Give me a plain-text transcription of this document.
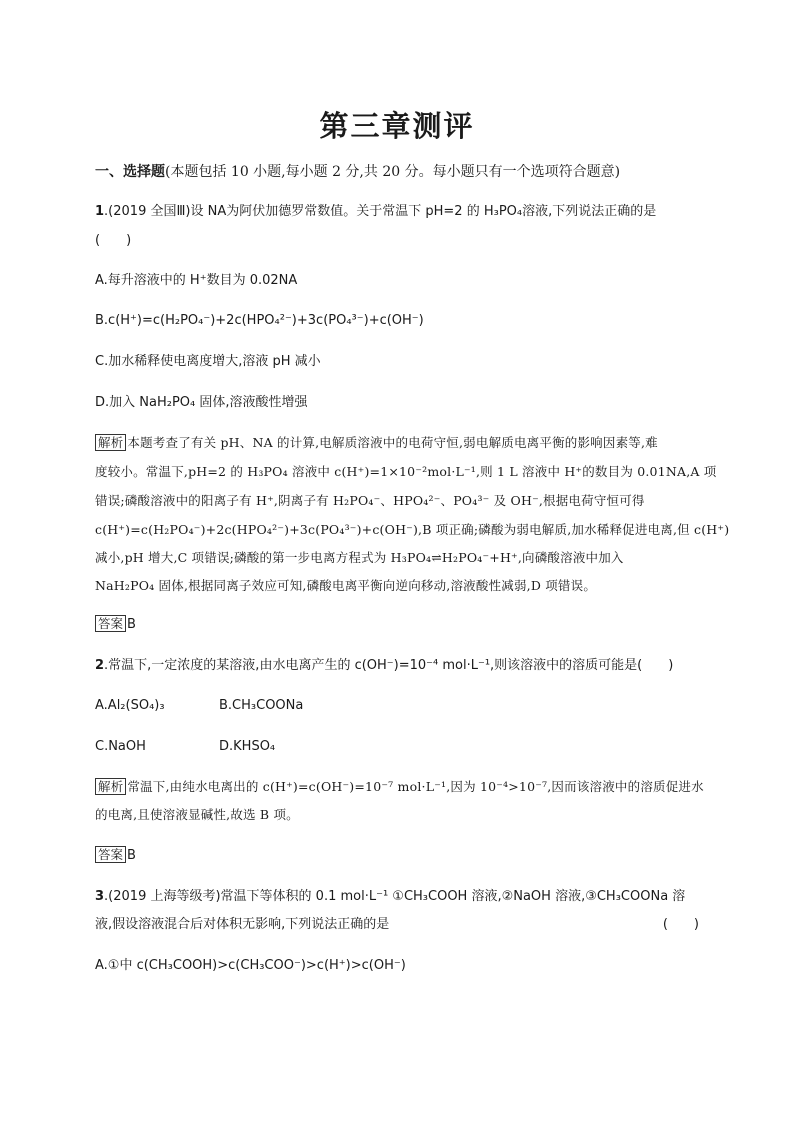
第三章测评
一、选择题(本题包括 10 小题,每小题 2 分,共 20 分。每小题只有一个选项符合题意)
1.(2019 全国Ⅲ)设 NA为阿伏加德罗常数值。关于常温下 pH=2 的 H₃PO₄溶液,下列说法正确的是
(　　)
A.每升溶液中的 H⁺数目为 0.02NA
B.c(H⁺)=c(H₂PO₄⁻)+2c(HPO₄²⁻)+3c(PO₄³⁻)+c(OH⁻)
C.加水稀释使电离度增大,溶液 pH 减小
D.加入 NaH₂PO₄ 固体,溶液酸性增强
解析 本题考查了有关 pH、NA 的计算,电解质溶液中的电荷守恒,弱电解质电离平衡的影响因素等,难
度较小。常温下,pH=2 的 H₃PO₄ 溶液中 c(H⁺)=1×10⁻²mol·L⁻¹,则 1 L 溶液中 H⁺的数目为 0.01NA,A 项
错误;磷酸溶液中的阳离子有 H⁺,阴离子有 H₂PO₄⁻、HPO₄²⁻、PO₄³⁻ 及 OH⁻,根据电荷守恒可得
c(H⁺)=c(H₂PO₄⁻)+2c(HPO₄²⁻)+3c(PO₄³⁻)+c(OH⁻),B 项正确;磷酸为弱电解质,加水稀释促进电离,但 c(H⁺)
减小,pH 增大,C 项错误;磷酸的第一步电离方程式为 H₃PO₄⇌H₂PO₄⁻+H⁺,向磷酸溶液中加入
NaH₂PO₄ 固体,根据同离子效应可知,磷酸电离平衡向逆向移动,溶液酸性减弱,D 项错误。
答案 B
2.常温下,一定浓度的某溶液,由水电离产生的 c(OH⁻)=10⁻⁴ mol·L⁻¹,则该溶液中的溶质可能是(　　)
A.Al₂(SO₄)₃	B.CH₃COONa
C.NaOH	D.KHSO₄
解析 常温下,由纯水电离出的 c(H⁺)=c(OH⁻)=10⁻⁷ mol·L⁻¹,因为 10⁻⁴>10⁻⁷,因而该溶液中的溶质促进水
的电离,且使溶液显碱性,故选 B 项。
答案 B
3.(2019 上海等级考)常温下等体积的 0.1 mol·L⁻¹ ①CH₃COOH 溶液,②NaOH 溶液,③CH₃COONa 溶
液,假设溶液混合后对体积无影响,下列说法正确的是	(　　)
A.①中 c(CH₃COOH)>c(CH₃COO⁻)>c(H⁺)>c(OH⁻)
